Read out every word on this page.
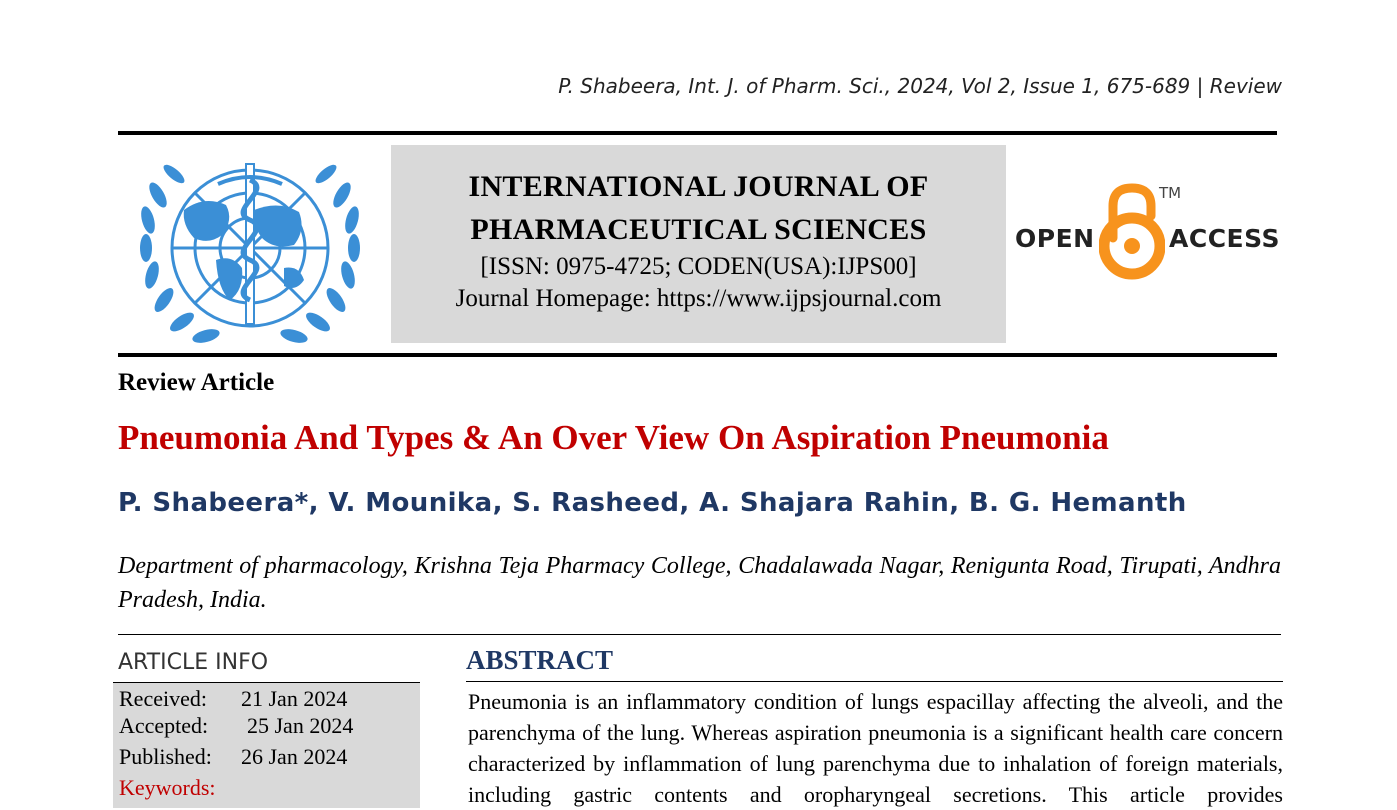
P. Shabeera, Int. J. of Pharm. Sci., 2024, Vol 2, Issue 1, 675-689 | Review
INTERNATIONAL JOURNAL OF
PHARMACEUTICAL SCIENCES
[ISSN: 0975-4725; CODEN(USA):IJPS00]
Journal Homepage: https://www.ijpsjournal.com
OPEN
TM
ACCESS
Review Article
Pneumonia And Types & An Over View On Aspiration Pneumonia
P. Shabeera*, V. Mounika, S. Rasheed, A. Shajara Rahin, B. G. Hemanth
Department of pharmacology, Krishna Teja Pharmacy College, Chadalawada Nagar, Renigunta Road, Tirupati, Andhra Pradesh, India.
ARTICLE INFO
Received: 21 Jan 2024
Accepted: 25 Jan 2024
Published: 26 Jan 2024
Keywords:
ABSTRACT
Pneumonia is an inflammatory condition of lungs espacillay affecting the alveoli, and the parenchyma of the lung. Whereas aspiration pneumonia is a significant health care concern characterized by inflammation of lung parenchyma due to inhalation of foreign materials, including gastric contents and oropharyngeal secretions. This article provides
